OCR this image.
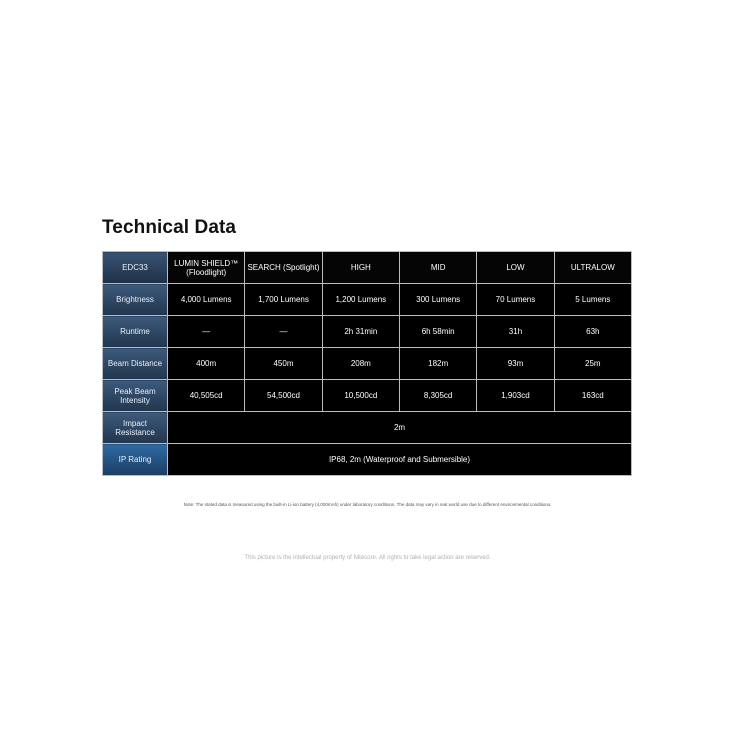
Technical Data
EDC33	LUMIN SHIELD™ (Floodlight)	SEARCH (Spotlight)	HIGH	MID	LOW	ULTRALOW
Brightness	4,000 Lumens	1,700 Lumens	1,200 Lumens	300 Lumens	70 Lumens	5 Lumens
Runtime	—	—	2h 31min	6h 58min	31h	63h
Beam Distance	400m	450m	208m	182m	93m	25m
Peak Beam Intensity	40,505cd	54,500cd	10,500cd	8,305cd	1,903cd	163cd
Impact Resistance	2m					
IP Rating	IP68, 2m (Waterproof and Submersible)					

Note: The stated data is measured using the built-in Li-ion battery (4,000mAh) under laboratory conditions. The data may vary in real world use due to different environmental conditions.

This picture is the intellectual property of Nitecore. All rights to take legal action are reserved.
